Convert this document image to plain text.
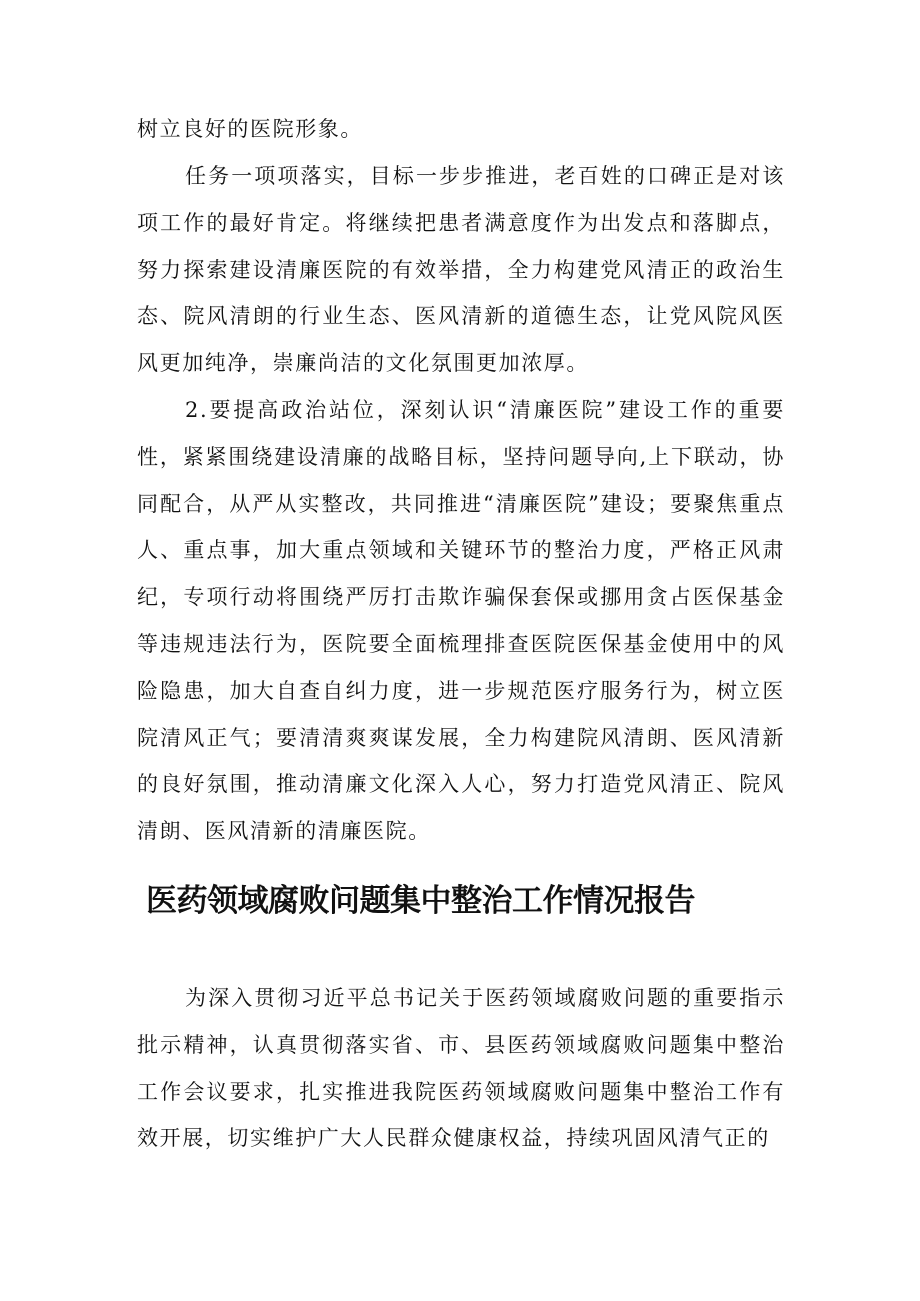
树立良好的医院形象。

任务一项项落实，目标一步步推进，老百姓的口碑正是对该项工作的最好肯定。将继续把患者满意度作为出发点和落脚点，努力探索建设清廉医院的有效举措，全力构建党风清正的政治生态、院风清朗的行业生态、医风清新的道德生态，让党风院风医风更加纯净，崇廉尚洁的文化氛围更加浓厚。

2.要提高政治站位，深刻认识“清廉医院”建设工作的重要性，紧紧围绕建设清廉的战略目标，坚持问题导向,上下联动，协同配合，从严从实整改，共同推进“清廉医院”建设；要聚焦重点人、重点事，加大重点领域和关键环节的整治力度，严格正风肃纪，专项行动将围绕严厉打击欺诈骗保套保或挪用贪占医保基金等违规违法行为，医院要全面梳理排查医院医保基金使用中的风险隐患，加大自查自纠力度，进一步规范医疗服务行为，树立医院清风正气；要清清爽爽谋发展，全力构建院风清朗、医风清新的良好氛围，推动清廉文化深入人心，努力打造党风清正、院风清朗、医风清新的清廉医院。

医药领域腐败问题集中整治工作情况报告

为深入贯彻习近平总书记关于医药领域腐败问题的重要指示批示精神，认真贯彻落实省、市、县医药领域腐败问题集中整治工作会议要求，扎实推进我院医药领域腐败问题集中整治工作有效开展，切实维护广大人民群众健康权益，持续巩固风清气正的
